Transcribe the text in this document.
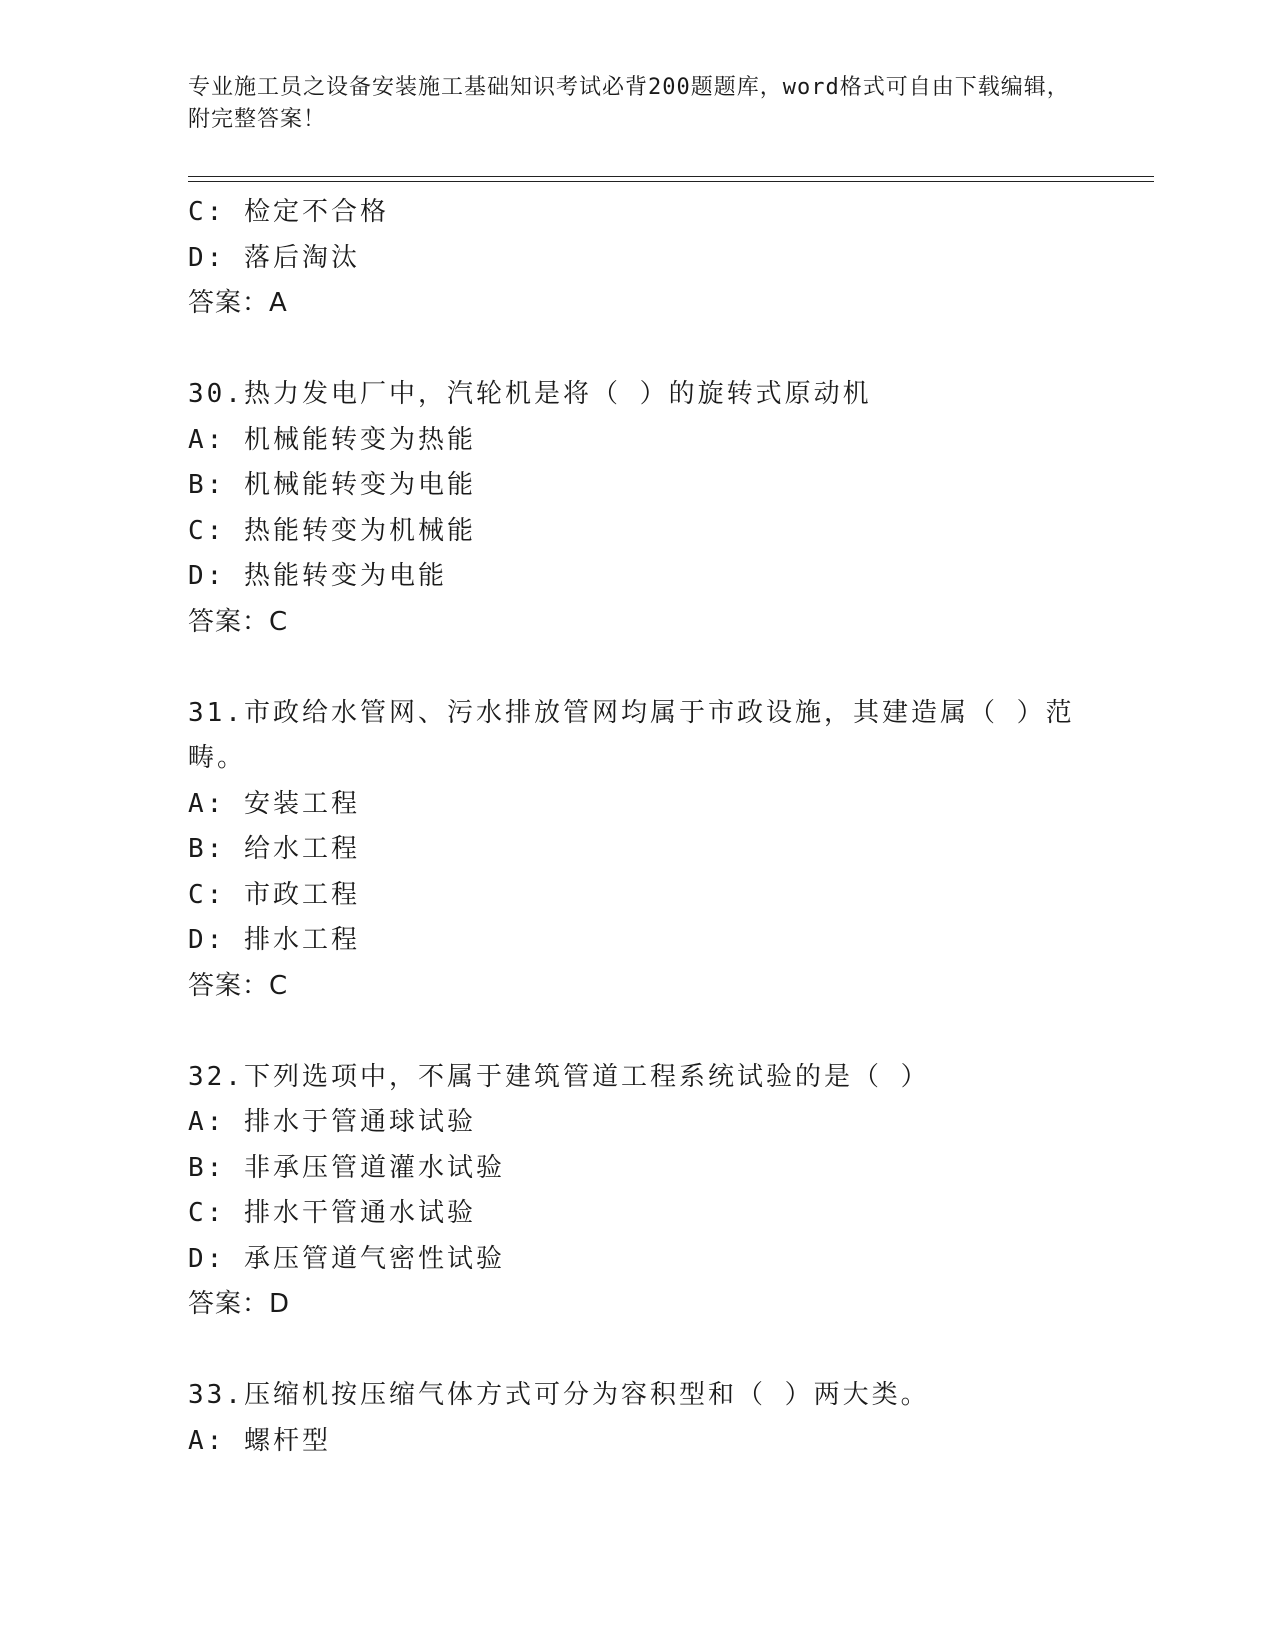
专业施工员之设备安装施工基础知识考试必背200题题库，word格式可自由下载编辑，附完整答案！
C: 检定不合格
D: 落后淘汰
答案：A
30.热力发电厂中，汽轮机是将（ ）的旋转式原动机
A: 机械能转变为热能
B: 机械能转变为电能
C: 热能转变为机械能
D: 热能转变为电能
答案：C
31.市政给水管网、污水排放管网均属于市政设施，其建造属（ ）范畴。
A: 安装工程
B: 给水工程
C: 市政工程
D: 排水工程
答案：C
32.下列选项中，不属于建筑管道工程系统试验的是（ ）
A: 排水于管通球试验
B: 非承压管道灌水试验
C: 排水干管通水试验
D: 承压管道气密性试验
答案：D
33.压缩机按压缩气体方式可分为容积型和（ ）两大类。
A: 螺杆型
